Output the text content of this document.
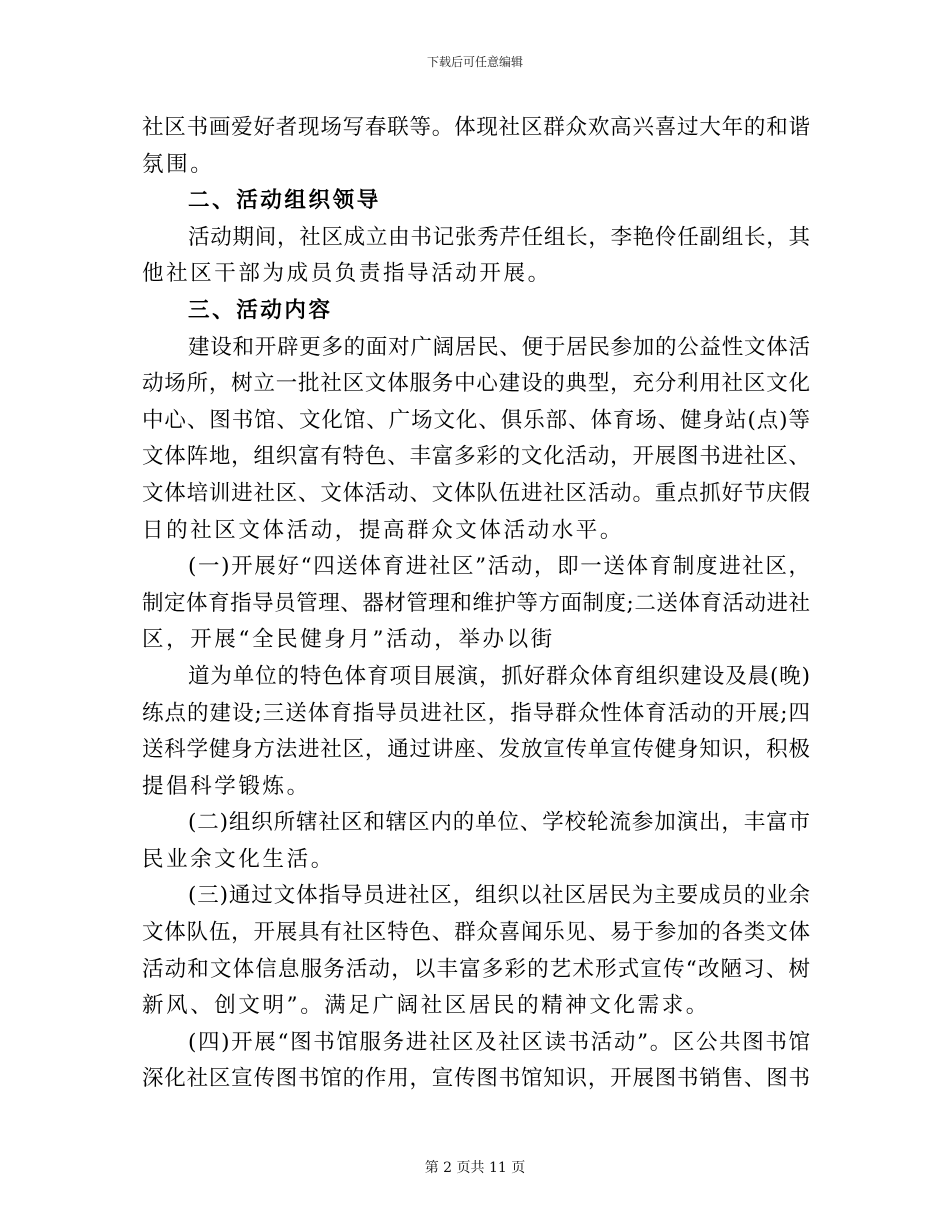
下载后可任意编辑
社区书画爱好者现场写春联等。体现社区群众欢高兴喜过大年的和谐
氛围。
二、活动组织领导
活动期间，社区成立由书记张秀芹任组长，李艳伶任副组长，其
他社区干部为成员负责指导活动开展。
三、活动内容
建设和开辟更多的面对广阔居民、便于居民参加的公益性文体活
动场所，树立一批社区文体服务中心建设的典型，充分利用社区文化
中心、图书馆、文化馆、广场文化、俱乐部、体育场、健身站(点)等
文体阵地，组织富有特色、丰富多彩的文化活动，开展图书进社区、
文体培训进社区、文体活动、文体队伍进社区活动。重点抓好节庆假
日的社区文体活动，提高群众文体活动水平。
(一)开展好“四送体育进社区”活动，即一送体育制度进社区，
制定体育指导员管理、器材管理和维护等方面制度;二送体育活动进社
区，开展“全民健身月”活动，举办以街
道为单位的特色体育项目展演，抓好群众体育组织建设及晨(晚)
练点的建设;三送体育指导员进社区，指导群众性体育活动的开展;四
送科学健身方法进社区，通过讲座、发放宣传单宣传健身知识，积极
提倡科学锻炼。
(二)组织所辖社区和辖区内的单位、学校轮流参加演出，丰富市
民业余文化生活。
(三)通过文体指导员进社区，组织以社区居民为主要成员的业余
文体队伍，开展具有社区特色、群众喜闻乐见、易于参加的各类文体
活动和文体信息服务活动，以丰富多彩的艺术形式宣传“改陋习、树
新风、创文明”。满足广阔社区居民的精神文化需求。
(四)开展“图书馆服务进社区及社区读书活动”。区公共图书馆
深化社区宣传图书馆的作用，宣传图书馆知识，开展图书销售、图书
第 2 页共 11 页
